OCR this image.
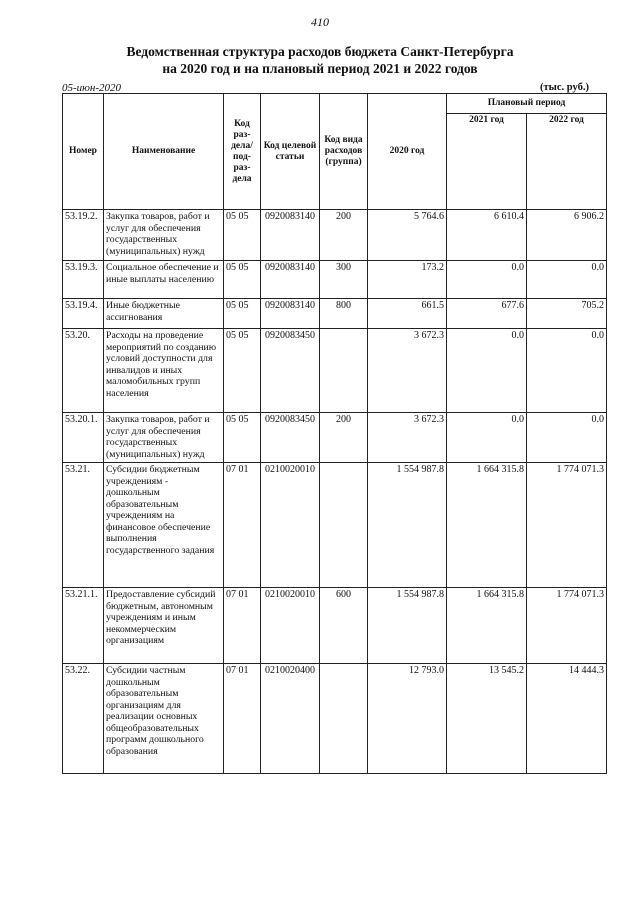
410
Ведомственная структура расходов бюджета Санкт-Петербурга
на 2020 год и на плановый период 2021 и 2022 годов
05-июн-2020	(тыс. руб.)
Номер	Наименование	Код раз- дела/ под- раз- дела	Код целевой статьи	Код вида расходов (группа)	2020 год	Плановый период	
						2021 год	2022 год
53.19.2.	Закупка товаров, работ и услуг для обеспечения государственных (муниципальных) нужд	05 05	0920083140	200	5 764.6	6 610.4	6 906.2
53.19.3.	Социальное обеспечение и иные выплаты населению	05 05	0920083140	300	173.2	0.0	0.0
53.19.4.	Иные бюджетные ассигнования	05 05	0920083140	800	661.5	677.6	705.2
53.20.	Расходы на проведение мероприятий по созданию условий доступности для инвалидов и иных маломобильных групп населения	05 05	0920083450		3 672.3	0.0	0.0
53.20.1.	Закупка товаров, работ и услуг для обеспечения государственных (муниципальных) нужд	05 05	0920083450	200	3 672.3	0.0	0.0
53.21.	Субсидии бюджетным учреждениям - дошкольным образовательным учреждениям на финансовое обеспечение выполнения государственного задания	07 01	0210020010		1 554 987.8	1 664 315.8	1 774 071.3
53.21.1.	Предоставление субсидий бюджетным, автономным учреждениям и иным некоммерческим организациям	07 01	0210020010	600	1 554 987.8	1 664 315.8	1 774 071.3
53.22.	Субсидии частным дошкольным образовательным организациям для реализации основных общеобразовательных программ дошкольного образования	07 01	0210020400		12 793.0	13 545.2	14 444.3
